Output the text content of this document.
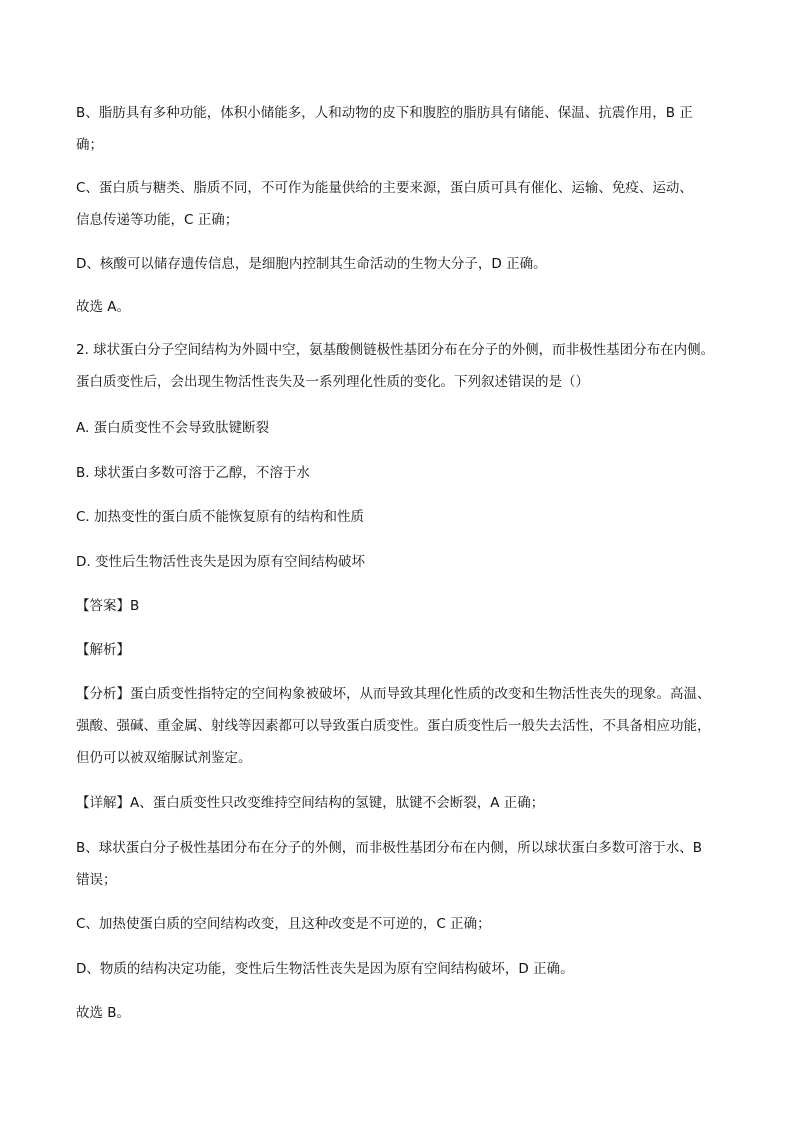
B、脂肪具有多种功能，体积小储能多，人和动物的皮下和腹腔的脂肪具有储能、保温、抗震作用，B 正
确；
C、蛋白质与糖类、脂质不同，不可作为能量供给的主要来源，蛋白质可具有催化、运输、免疫、运动、
信息传递等功能，C 正确；
D、核酸可以储存遗传信息，是细胞内控制其生命活动的生物大分子，D 正确。
故选 A。
2. 球状蛋白分子空间结构为外圆中空，氨基酸侧链极性基团分布在分子的外侧，而非极性基团分布在内侧。
蛋白质变性后，会出现生物活性丧失及一系列理化性质的变化。下列叙述错误的是（）
A. 蛋白质变性不会导致肽键断裂
B. 球状蛋白多数可溶于乙醇，不溶于水
C. 加热变性的蛋白质不能恢复原有的结构和性质
D. 变性后生物活性丧失是因为原有空间结构破坏
【答案】B
【解析】
【分析】蛋白质变性指特定的空间构象被破坏，从而导致其理化性质的改变和生物活性丧失的现象。高温、
强酸、强碱、重金属、射线等因素都可以导致蛋白质变性。蛋白质变性后一般失去活性，不具备相应功能，
但仍可以被双缩脲试剂鉴定。
【详解】A、蛋白质变性只改变维持空间结构的氢键，肽键不会断裂，A 正确；
B、球状蛋白分子极性基团分布在分子的外侧，而非极性基团分布在内侧，所以球状蛋白多数可溶于水、B
错误；
C、加热使蛋白质的空间结构改变，且这种改变是不可逆的，C 正确；
D、物质的结构决定功能，变性后生物活性丧失是因为原有空间结构破坏，D 正确。
故选 B。
